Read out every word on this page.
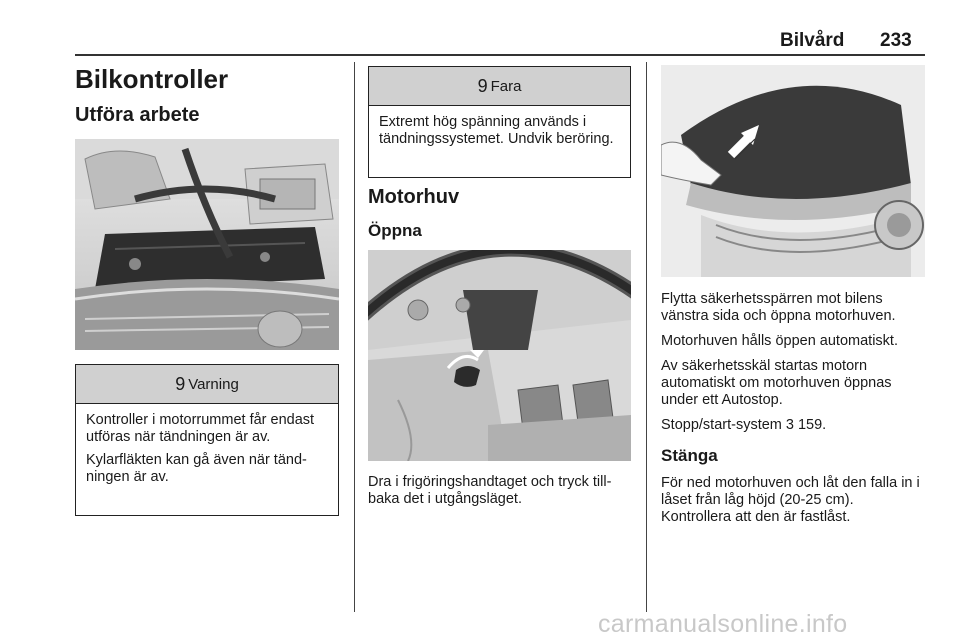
Bilvård 233
Bilkontroller
Utföra arbete
9 Varning

Kontroller i motorrummet får endast utföras när tändningen är av.

Kylarfläkten kan gå även när tändningen är av.

9 Fara

Extremt hög spänning används i tändningssystemet. Undvik beröring.

Motorhuv
Öppna
Dra i frigöringshandtaget och tryck tillbaka det i utgångsläget.
Flytta säkerhetsspärren mot bilens vänstra sida och öppna motorhuven.
Motorhuven hålls öppen automatiskt.
Av säkerhetsskäl startas motorn automatiskt om motorhuven öppnas under ett Autostop.
Stopp/start-system 3 159.
Stänga
För ned motorhuven och låt den falla in i låset från låg höjd (20-25 cm). Kontrollera att den är fastlåst.
carmanualsonline.info
